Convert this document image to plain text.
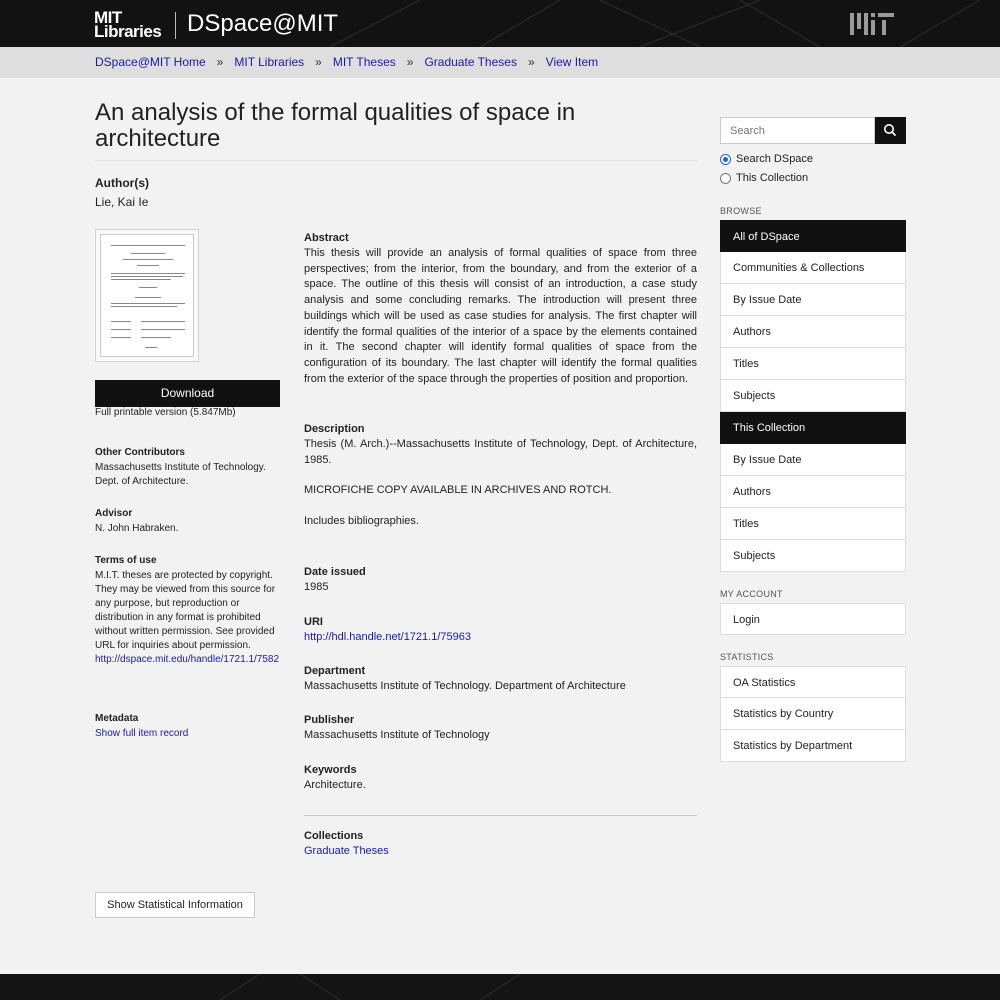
MIT
Libraries DSpace@MIT
DSpace@MIT Home » MIT Libraries » MIT Theses » Graduate Theses » View Item
An analysis of the formal qualities of space in architecture
Author(s)
Lie, Kai Ie
Download
Full printable version (5.847Mb)
Other Contributors
Massachusetts Institute of Technology. Dept. of Architecture.
Advisor
N. John Habraken.
Terms of use
M.I.T. theses are protected by copyright. They may be viewed from this source for any purpose, but reproduction or distribution in any format is prohibited without written permission. See provided URL for inquiries about permission.
http://dspace.mit.edu/handle/1721.1/7582
Metadata
Show full item record
Show Statistical Information
Abstract
This thesis will provide an analysis of formal qualities of space from three perspectives; from the interior, from the boundary, and from the exterior of a space. The outline of this thesis will consist of an introduction, a case study analysis and some concluding remarks. The introduction will present three buildings which will be used as case studies for analysis. The first chapter will identify the formal qualities of the interior of a space by the elements contained in it. The second chapter will identify formal qualities of space from the configuration of its boundary. The last chapter will identify the formal qualities from the exterior of the space through the properties of position and proportion.
Description
Thesis (M. Arch.)--Massachusetts Institute of Technology, Dept. of Architecture, 1985.
MICROFICHE COPY AVAILABLE IN ARCHIVES AND ROTCH.
Includes bibliographies.
Date issued
1985
URI
http://hdl.handle.net/1721.1/75963
Department
Massachusetts Institute of Technology. Department of Architecture
Publisher
Massachusetts Institute of Technology
Keywords
Architecture.
Collections
Graduate Theses
Search
Search DSpace
This Collection
BROWSE
All of DSpace
Communities & Collections
By Issue Date
Authors
Titles
Subjects
This Collection
By Issue Date
Authors
Titles
Subjects
MY ACCOUNT
Login
STATISTICS
OA Statistics
Statistics by Country
Statistics by Department
